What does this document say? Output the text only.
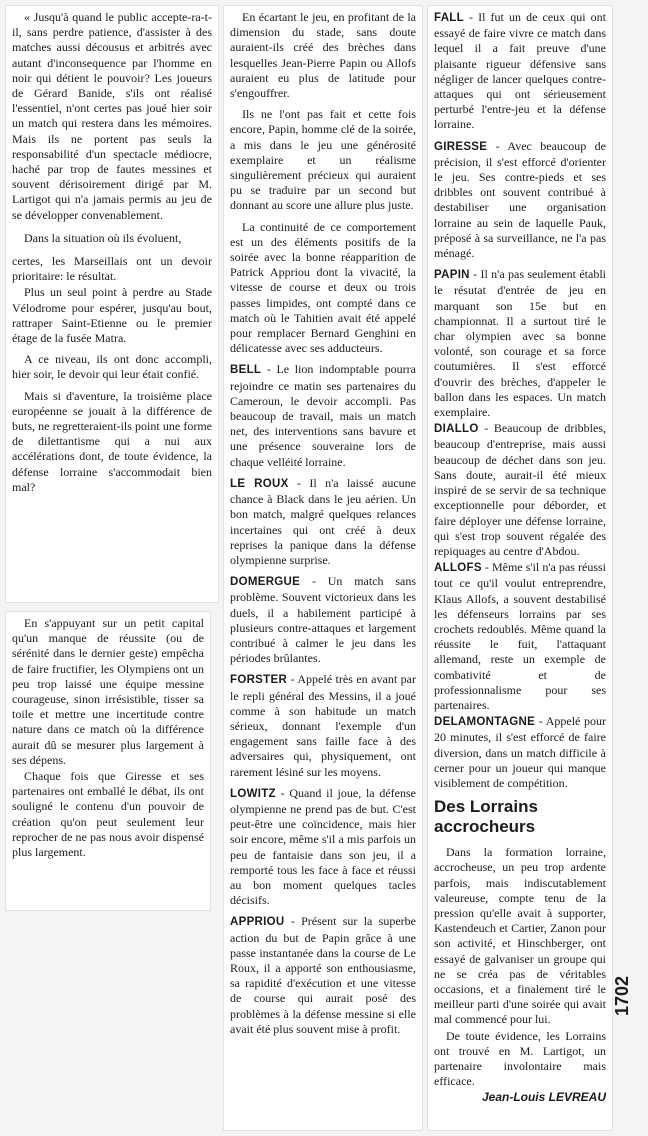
« Jusqu'à quand le public accepte-ra-t-il, sans perdre patience, d'assister à des matches aussi décousus et arbitrés avec autant d'inconsequence par l'homme en noir qui détient le pouvoir? Les joueurs de Gérard Banide, s'ils ont réalisé l'essentiel, n'ont certes pas joué hier soir un match qui restera dans les mémoires. Mais ils ne portent pas seuls la responsabilité d'un spectacle médiocre, haché par trop de fautes messines et souvent dérisoirement dirigé par M. Lartigot qui n'a jamais permis au jeu de se développer convenablement.

Dans la situation où ils évoluent,

certes, les Marseillais ont un devoir prioritaire: le résultat.

Plus un seul point à perdre au Stade Vélodrome pour espérer, jusqu'au bout, rattraper Saint-Etienne ou le premier étage de la fusée Matra.

A ce niveau, ils ont donc accompli, hier soir, le devoir qui leur était confié.

Mais si d'aventure, la troisième place européenne se jouait à la différence de buts, ne regretteraient-ils point une forme de dilettantisme qui a nui aux accélérations dont, de toute évidence, la défense lorraine s'accommodait bien mal?

En s'appuyant sur un petit capital qu'un manque de réussite (ou de sérénité dans le dernier geste) empêcha de faire fructifier, les Olympiens ont un peu trop laissé une équipe messine courageuse, sinon irrésistible, tisser sa toile et mettre une incertitude contre nature dans ce match où la différence aurait dû se mesurer plus largement à ses dépens.

Chaque fois que Giresse et ses partenaires ont emballé le débat, ils ont souligné le contenu d'un pouvoir de création qu'on peut seulement leur reprocher de ne pas nous avoir dispensé plus largement.

En écartant le jeu, en profitant de la dimension du stade, sans doute auraient-ils créé des brèches dans lesquelles Jean-Pierre Papin ou Allofs auraient eu plus de latitude pour s'engouffrer.

Ils ne l'ont pas fait et cette fois encore, Papin, homme clé de la soirée, a mis dans le jeu une générosité exemplaire et un réalisme singulièrement précieux qui auraient pu se traduire par un second but donnant au score une allure plus juste.

La continuité de ce comportement est un des éléments positifs de la soirée avec la bonne réapparition de Patrick Appriou dont la vivacité, la vitesse de course et deux ou trois passes limpides, ont compté dans ce match où le Tahitien avait été appelé pour remplacer Bernard Genghini en délicatesse avec ses adducteurs.

BELL - Le lion indomptable pourra rejoindre ce matin ses partenaires du Cameroun, le devoir accompli. Pas beaucoup de travail, mais un match net, des interventions sans bavure et une présence souveraine lors de chaque velléité lorraine.

LE ROUX - Il n'a laissé aucune chance à Black dans le jeu aérien. Un bon match, malgré quelques relances incertaines qui ont créé à deux reprises la panique dans la défense olympienne surprise.

DOMERGUE - Un match sans problème. Souvent victorieux dans les duels, il a habilement participé à plusieurs contre-attaques et largement contribué à calmer le jeu dans les périodes brûlantes.

FORSTER - Appelé très en avant par le repli général des Messins, il a joué comme à son habitude un match sérieux, donnant l'exemple d'un engagement sans faille face à des adversaires qui, physiquement, ont rarement lésiné sur les moyens.

LOWITZ - Quand il joue, la défense olympienne ne prend pas de but. C'est peut-être une coïncidence, mais hier soir encore, même s'il a mis parfois un peu de fantaisie dans son jeu, il a remporté tous les face à face et réussi au bon moment quelques tacles décisifs.

APPRIOU - Présent sur la superbe action du but de Papin grâce à une passe instantanée dans la course de Le Roux, il a apporté son enthousiasme, sa rapidité d'exécution et une vitesse de course qui aurait posé des problèmes à la défense messine si elle avait été plus souvent mise à profit.

FALL - Il fut un de ceux qui ont essayé de faire vivre ce match dans lequel il a fait preuve d'une plaisante rigueur défensive sans négliger de lancer quelques contre-attaques qui ont sérieusement perturbé l'entre-jeu et la défense lorraine.

GIRESSE - Avec beaucoup de précision, il s'est efforcé d'orienter le jeu. Ses contre-pieds et ses dribbles ont souvent contribué à destabiliser une organisation lorraine au sein de laquelle Pauk, préposé à sa surveillance, ne l'a pas ménagé.

PAPIN - Il n'a pas seulement établi le résutat d'entrée de jeu en marquant son 15e but en championnat. Il a surtout tiré le char olympien avec sa bonne volonté, son courage et sa force coutumières. Il s'est efforcé d'ouvrir des brèches, d'appeler le ballon dans les espaces. Un match exemplaire.

DIALLO - Beaucoup de dribbles, beaucoup d'entreprise, mais aussi beaucoup de déchet dans son jeu. Sans doute, aurait-il été mieux inspiré de se servir de sa technique exceptionnelle pour déborder, et faire déployer une défense lorraine, qui s'est trop souvent régalée des repiquages au centre d'Abdou.

ALLOFS - Même s'il n'a pas réussi tout ce qu'il voulut entreprendre, Klaus Allofs, a souvent destabilisé les défenseurs lorrains par ses crochets redoublés. Même quand la réussite le fuit, l'attaquant allemand, reste un exemple de combativité et de professionnalisme pour ses partenaires.

DELAMONTAGNE - Appelé pour 20 minutes, il s'est efforcé de faire diversion, dans un match difficile à cerner pour un joueur qui manque visiblement de compétition.

Des Lorrains accrocheurs

Dans la formation lorraine, accrocheuse, un peu trop ardente parfois, mais indiscutablement valeureuse, compte tenu de la pression qu'elle avait à supporter, Kastendeuch et Cartier, Zanon pour son activité, et Hinschberger, ont essayé de galvaniser un groupe qui ne se créa pas de véritables occasions, et a finalement tiré le meilleur parti d'une soirée qui avait mal commencé pour lui.

De toute évidence, les Lorrains ont trouvé en M. Lartigot, un partenaire involontaire mais efficace.

Jean-Louis LEVREAU
1702
